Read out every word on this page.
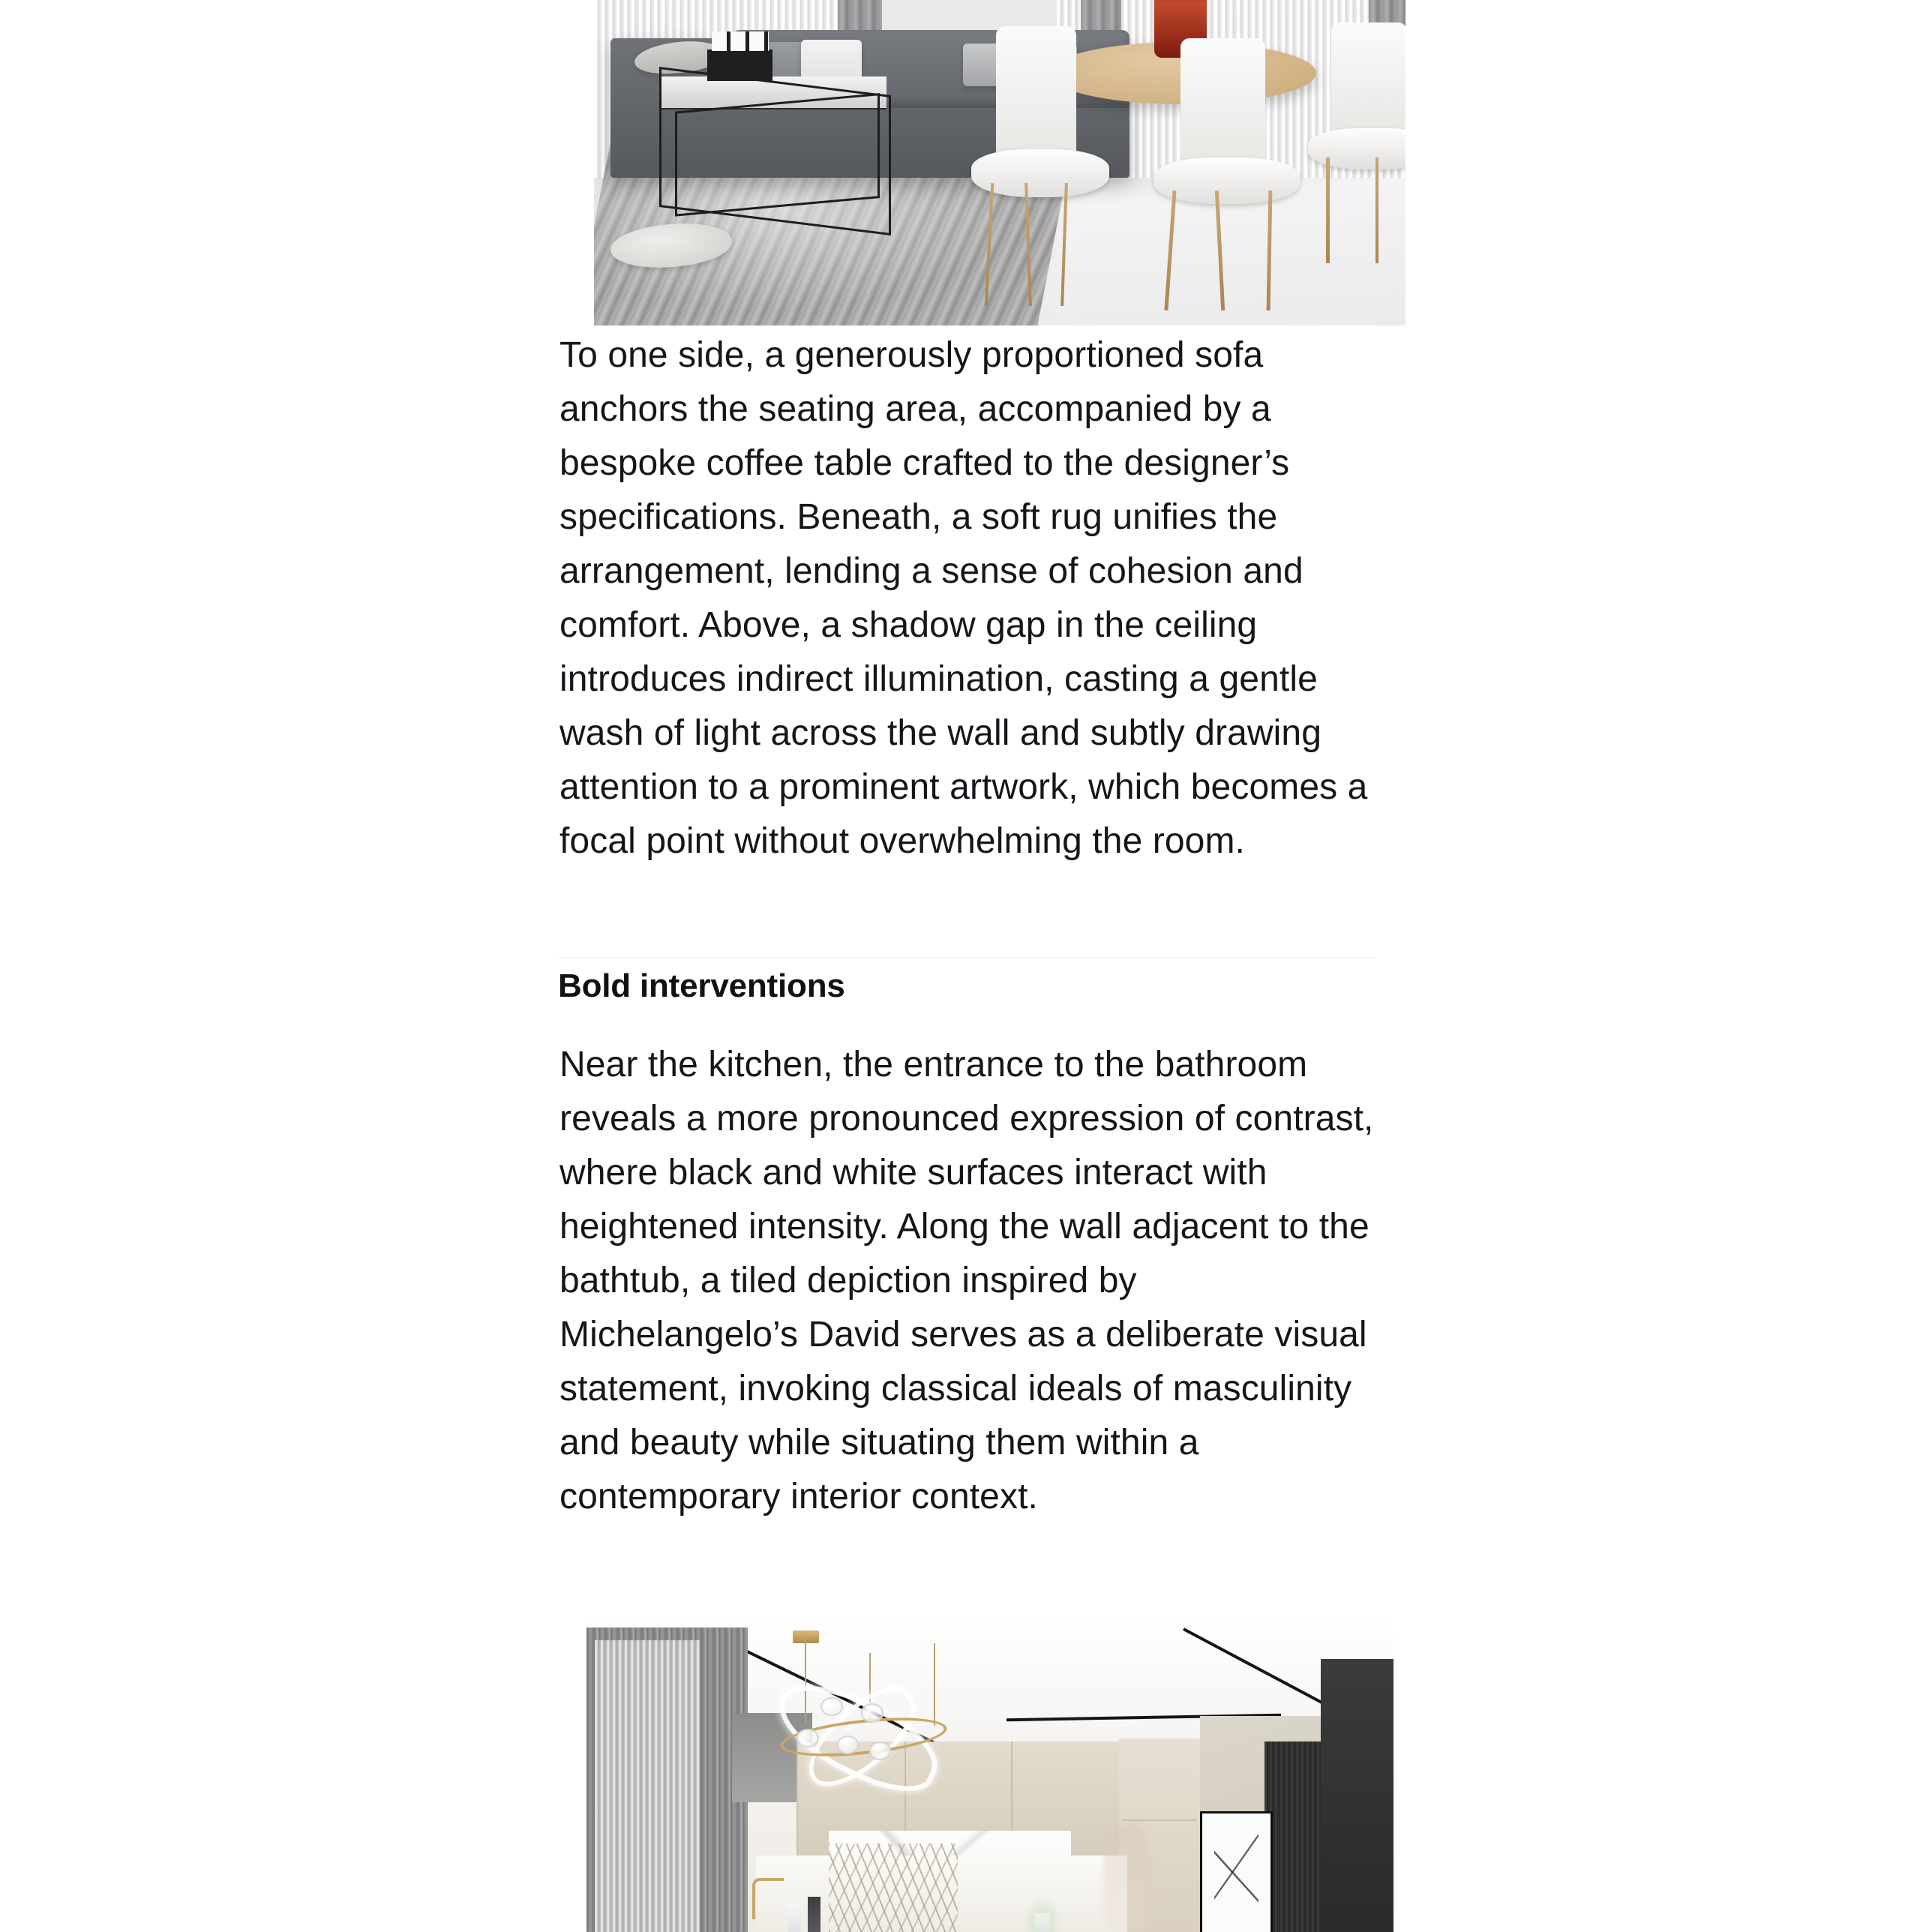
To one side, a generously proportioned sofa anchors the seating area, accompanied by a bespoke coffee table crafted to the designer’s specifications. Beneath, a soft rug unifies the arrangement, lending a sense of cohesion and comfort. Above, a shadow gap in the ceiling introduces indirect illumination, casting a gentle wash of light across the wall and subtly drawing attention to a prominent artwork, which becomes a focal point without overwhelming the room.

Bold interventions

Near the kitchen, the entrance to the bathroom reveals a more pronounced expression of contrast, where black and white surfaces interact with heightened intensity. Along the wall adjacent to the bathtub, a tiled depiction inspired by Michelangelo’s David serves as a deliberate visual statement, invoking classical ideals of masculinity and beauty while situating them within a contemporary interior context.
